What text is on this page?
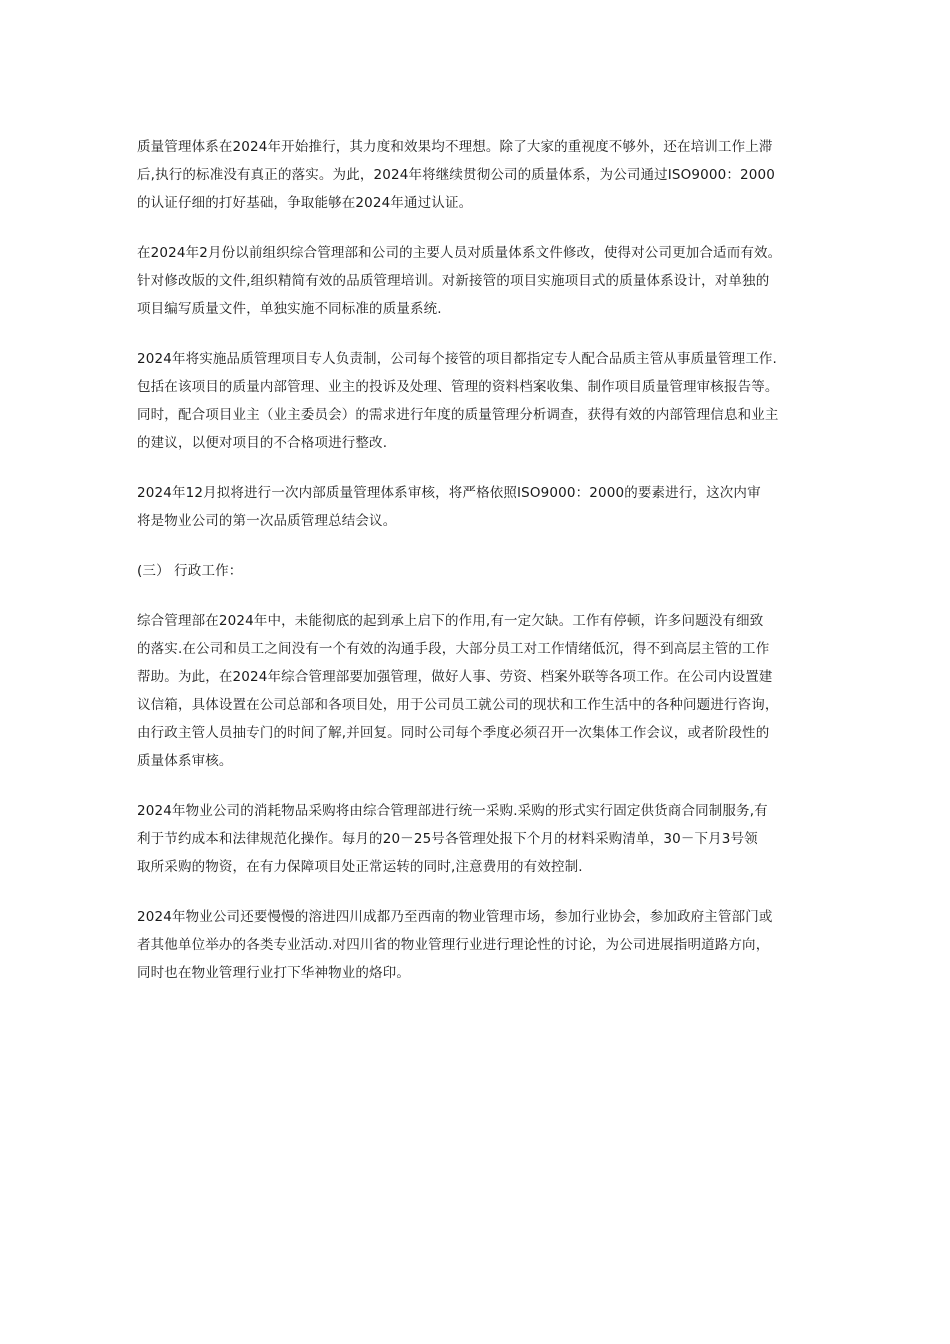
质量管理体系在2024年开始推行，其力度和效果均不理想。除了大家的重视度不够外，还在培训工作上滞
后,执行的标准没有真正的落实。为此，2024年将继续贯彻公司的质量体系，为公司通过ISO9000：2000
的认证仔细的打好基础，争取能够在2024年通过认证。
在2024年2月份以前组织综合管理部和公司的主要人员对质量体系文件修改，使得对公司更加合适而有效。
针对修改版的文件,组织精简有效的品质管理培训。对新接管的项目实施项目式的质量体系设计，对单独的
项目编写质量文件，单独实施不同标准的质量系统.
2024年将实施品质管理项目专人负责制，公司每个接管的项目都指定专人配合品质主管从事质量管理工作.
包括在该项目的质量内部管理、业主的投诉及处理、管理的资料档案收集、制作项目质量管理审核报告等。
同时，配合项目业主（业主委员会）的需求进行年度的质量管理分析调查，获得有效的内部管理信息和业主
的建议，以便对项目的不合格项进行整改.
2024年12月拟将进行一次内部质量管理体系审核，将严格依照ISO9000：2000的要素进行，这次内审
将是物业公司的第一次品质管理总结会议。
(三） 行政工作：
综合管理部在2024年中，未能彻底的起到承上启下的作用,有一定欠缺。工作有停顿，许多问题没有细致
的落实.在公司和员工之间没有一个有效的沟通手段，大部分员工对工作情绪低沉，得不到高层主管的工作
帮助。为此，在2024年综合管理部要加强管理，做好人事、劳资、档案外联等各项工作。在公司内设置建
议信箱，具体设置在公司总部和各项目处，用于公司员工就公司的现状和工作生活中的各种问题进行咨询，
由行政主管人员抽专门的时间了解,并回复。同时公司每个季度必须召开一次集体工作会议，或者阶段性的
质量体系审核。
2024年物业公司的消耗物品采购将由综合管理部进行统一采购.采购的形式实行固定供货商合同制服务,有
利于节约成本和法律规范化操作。每月的20－25号各管理处报下个月的材料采购清单，30－下月3号领
取所采购的物资，在有力保障项目处正常运转的同时,注意费用的有效控制.
2024年物业公司还要慢慢的溶进四川成都乃至西南的物业管理市场，参加行业协会，参加政府主管部门或
者其他单位举办的各类专业活动.对四川省的物业管理行业进行理论性的讨论，为公司进展指明道路方向，
同时也在物业管理行业打下华神物业的烙印。
